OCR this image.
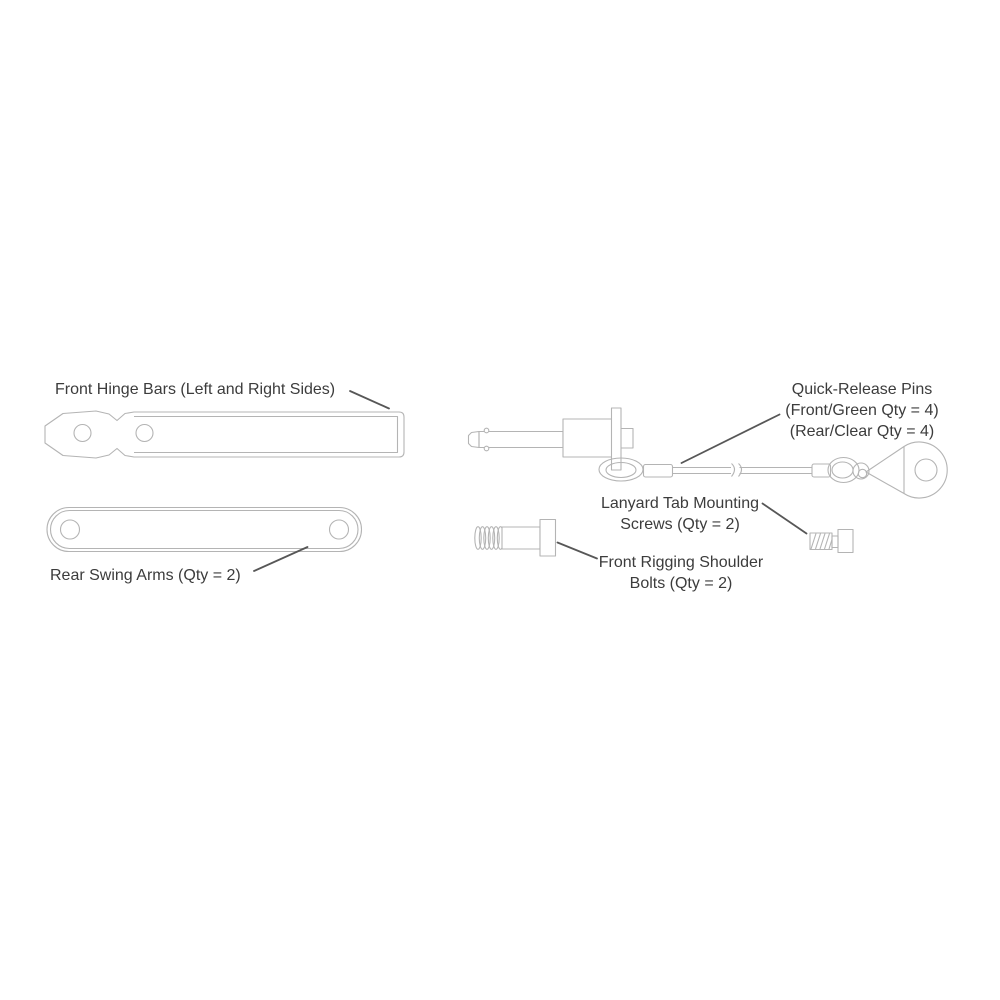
Front Hinge Bars (Left and Right Sides)
Rear Swing Arms (Qty = 2)
Quick-Release Pins
(Front/Green Qty = 4)
(Rear/Clear Qty = 4)
Lanyard Tab Mounting
Screws (Qty = 2)
Front Rigging Shoulder
Bolts (Qty = 2)
